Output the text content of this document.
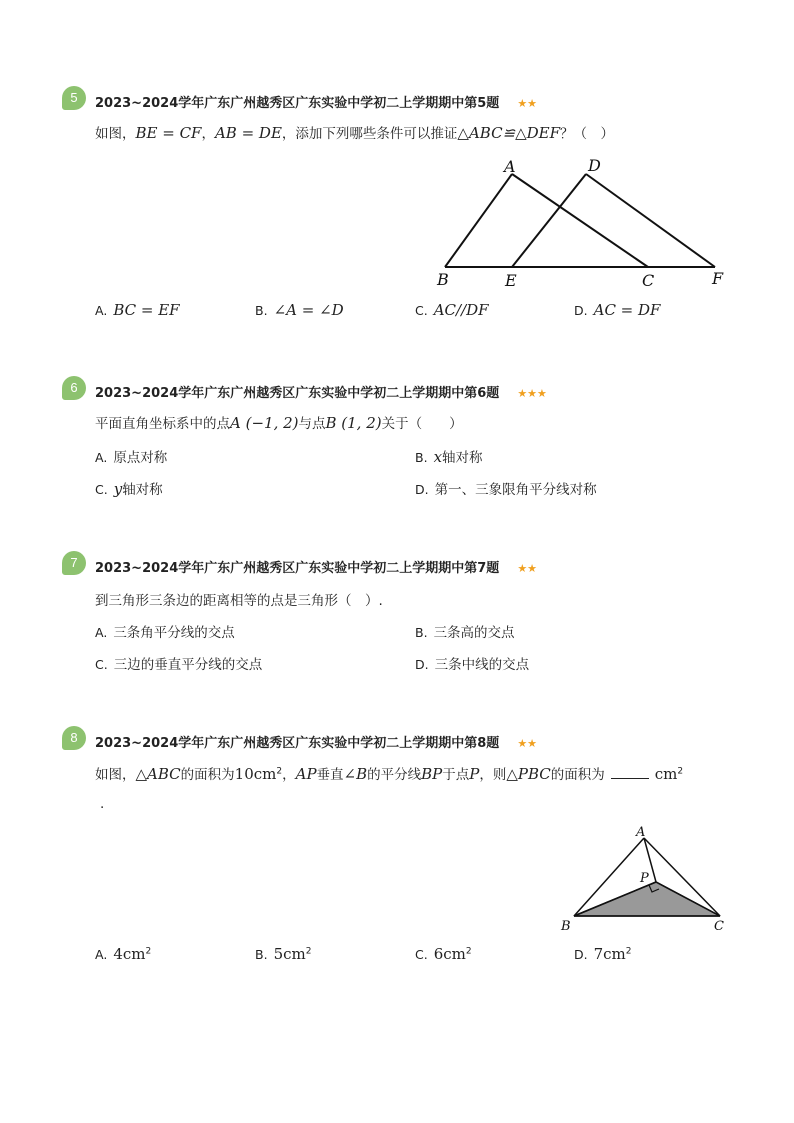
5	2023~2024学年广东广州越秀区广东实验中学初二上学期期中第5题 ★★
如图，BE = CF，AB = DE，添加下列哪些条件可以推证△ABC≌△DEF？（　）
A	D
B	E	C	F
A. BC = EF	B. ∠A = ∠D	C. AC//DF	D. AC = DF
6	2023~2024学年广东广州越秀区广东实验中学初二上学期期中第6题 ★★★
平面直角坐标系中的点A (−1, 2)与点B (1, 2)关于（　　）
A. 原点对称	B. x轴对称
C. y轴对称	D. 第一、三象限角平分线对称
7	2023~2024学年广东广州越秀区广东实验中学初二上学期期中第7题 ★★
到三角形三条边的距离相等的点是三角形（　）.
A. 三条角平分线的交点	B. 三条高的交点
C. 三边的垂直平分线的交点	D. 三条中线的交点
8	2023~2024学年广东广州越秀区广东实验中学初二上学期期中第8题 ★★
如图，△ABC的面积为$10cm^2$，AP垂直∠B的平分线BP于点P，则△PBC的面积为	$cm^2$
.
A
P
B	C
A. $4cm^2$	B. $5cm^2$	C. $6cm^2$	D. $7cm^2$
